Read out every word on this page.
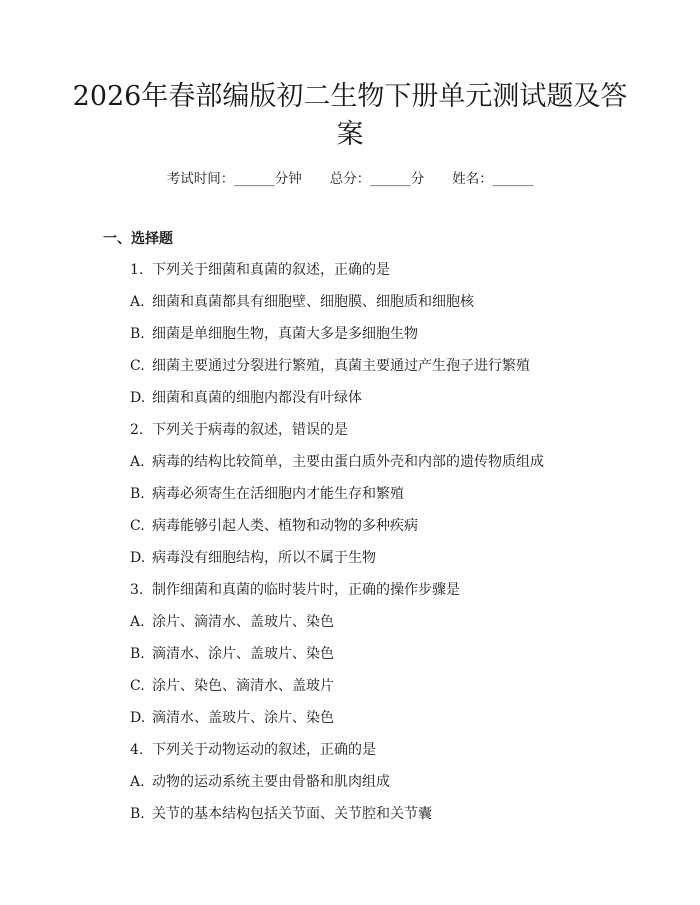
2026年春部编版初二生物下册单元测试题及答案
考试时间：______分钟 总分：______分 姓名：______
一、选择题
1. 下列关于细菌和真菌的叙述，正确的是
A. 细菌和真菌都具有细胞壁、细胞膜、细胞质和细胞核
B. 细菌是单细胞生物，真菌大多是多细胞生物
C. 细菌主要通过分裂进行繁殖，真菌主要通过产生孢子进行繁殖
D. 细菌和真菌的细胞内都没有叶绿体
2. 下列关于病毒的叙述，错误的是
A. 病毒的结构比较简单，主要由蛋白质外壳和内部的遗传物质组成
B. 病毒必须寄生在活细胞内才能生存和繁殖
C. 病毒能够引起人类、植物和动物的多种疾病
D. 病毒没有细胞结构，所以不属于生物
3. 制作细菌和真菌的临时装片时，正确的操作步骤是
A. 涂片、滴清水、盖玻片、染色
B. 滴清水、涂片、盖玻片、染色
C. 涂片、染色、滴清水、盖玻片
D. 滴清水、盖玻片、涂片、染色
4. 下列关于动物运动的叙述，正确的是
A. 动物的运动系统主要由骨骼和肌肉组成
B. 关节的基本结构包括关节面、关节腔和关节囊
